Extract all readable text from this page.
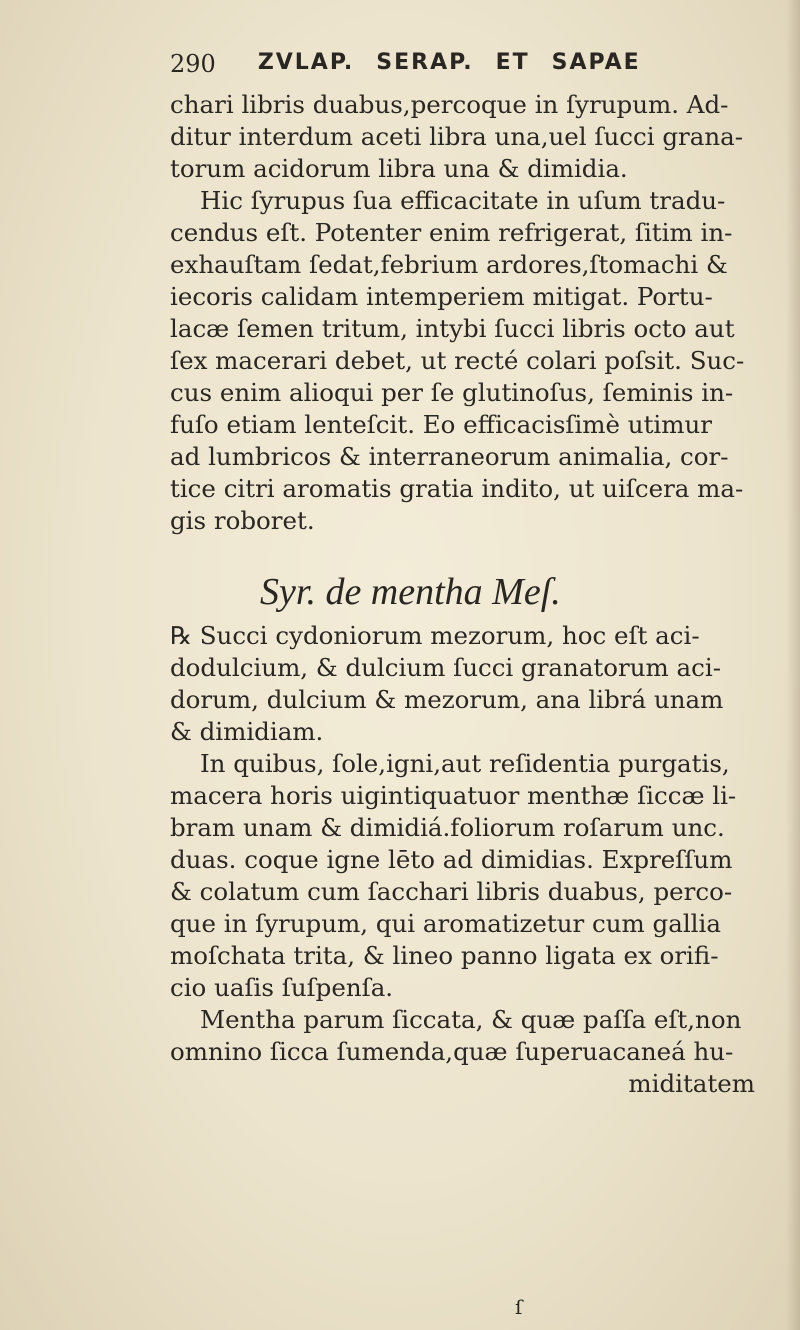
290 ZVLAP. SERAP. ET SAPAE
chari libris duabus,percoque in ſyrupum. Ad-
ditur interdum aceti libra una,uel ſucci grana-
torum acidorum libra una & dimidia.
Hic ſyrupus ſua efficacitate in uſum tradu-
cendus eſt. Potenter enim refrigerat, ſitim in-
exhauſtam ſedat,febrium ardores,ſtomachi &
iecoris calidam intemperiem mitigat. Portu-
lacæ ſemen tritum, intybi ſucci libris octo aut
ſex macerari debet, ut recté colari poſsit. Suc-
cus enim alioqui per ſe glutinoſus, ſeminis in-
fuſo etiam lenteſcit. Eo efficacisſimè utimur
ad lumbricos & interraneorum animalia, cor-
tice citri aromatis gratia indito, ut uiſcera ma-
gis roboret.
Syr. de mentha Meſ.
℞ Succi cydoniorum mezorum, hoc eſt aci-
dodulcium, & dulcium ſucci granatorum aci-
dorum, dulcium & mezorum, ana librá unam
& dimidiam.
In quibus, ſole,igni,aut reſidentia purgatis,
macera horis uigintiquatuor menthæ ſiccæ li-
bram unam & dimidiá.foliorum roſarum unc.
duas. coque igne lēto ad dimidias. Expreſſum
& colatum cum ſacchari libris duabus, perco-
que in ſyrupum, qui aromatizetur cum gallia
moſchata trita, & lineo panno ligata ex orifi-
cio uaſis ſuſpenſa.
Mentha parum ſiccata, & quæ paſſa eſt,non
omnino ſicca ſumenda,quæ ſuperuacaneá hu-
miditatem
ſ
